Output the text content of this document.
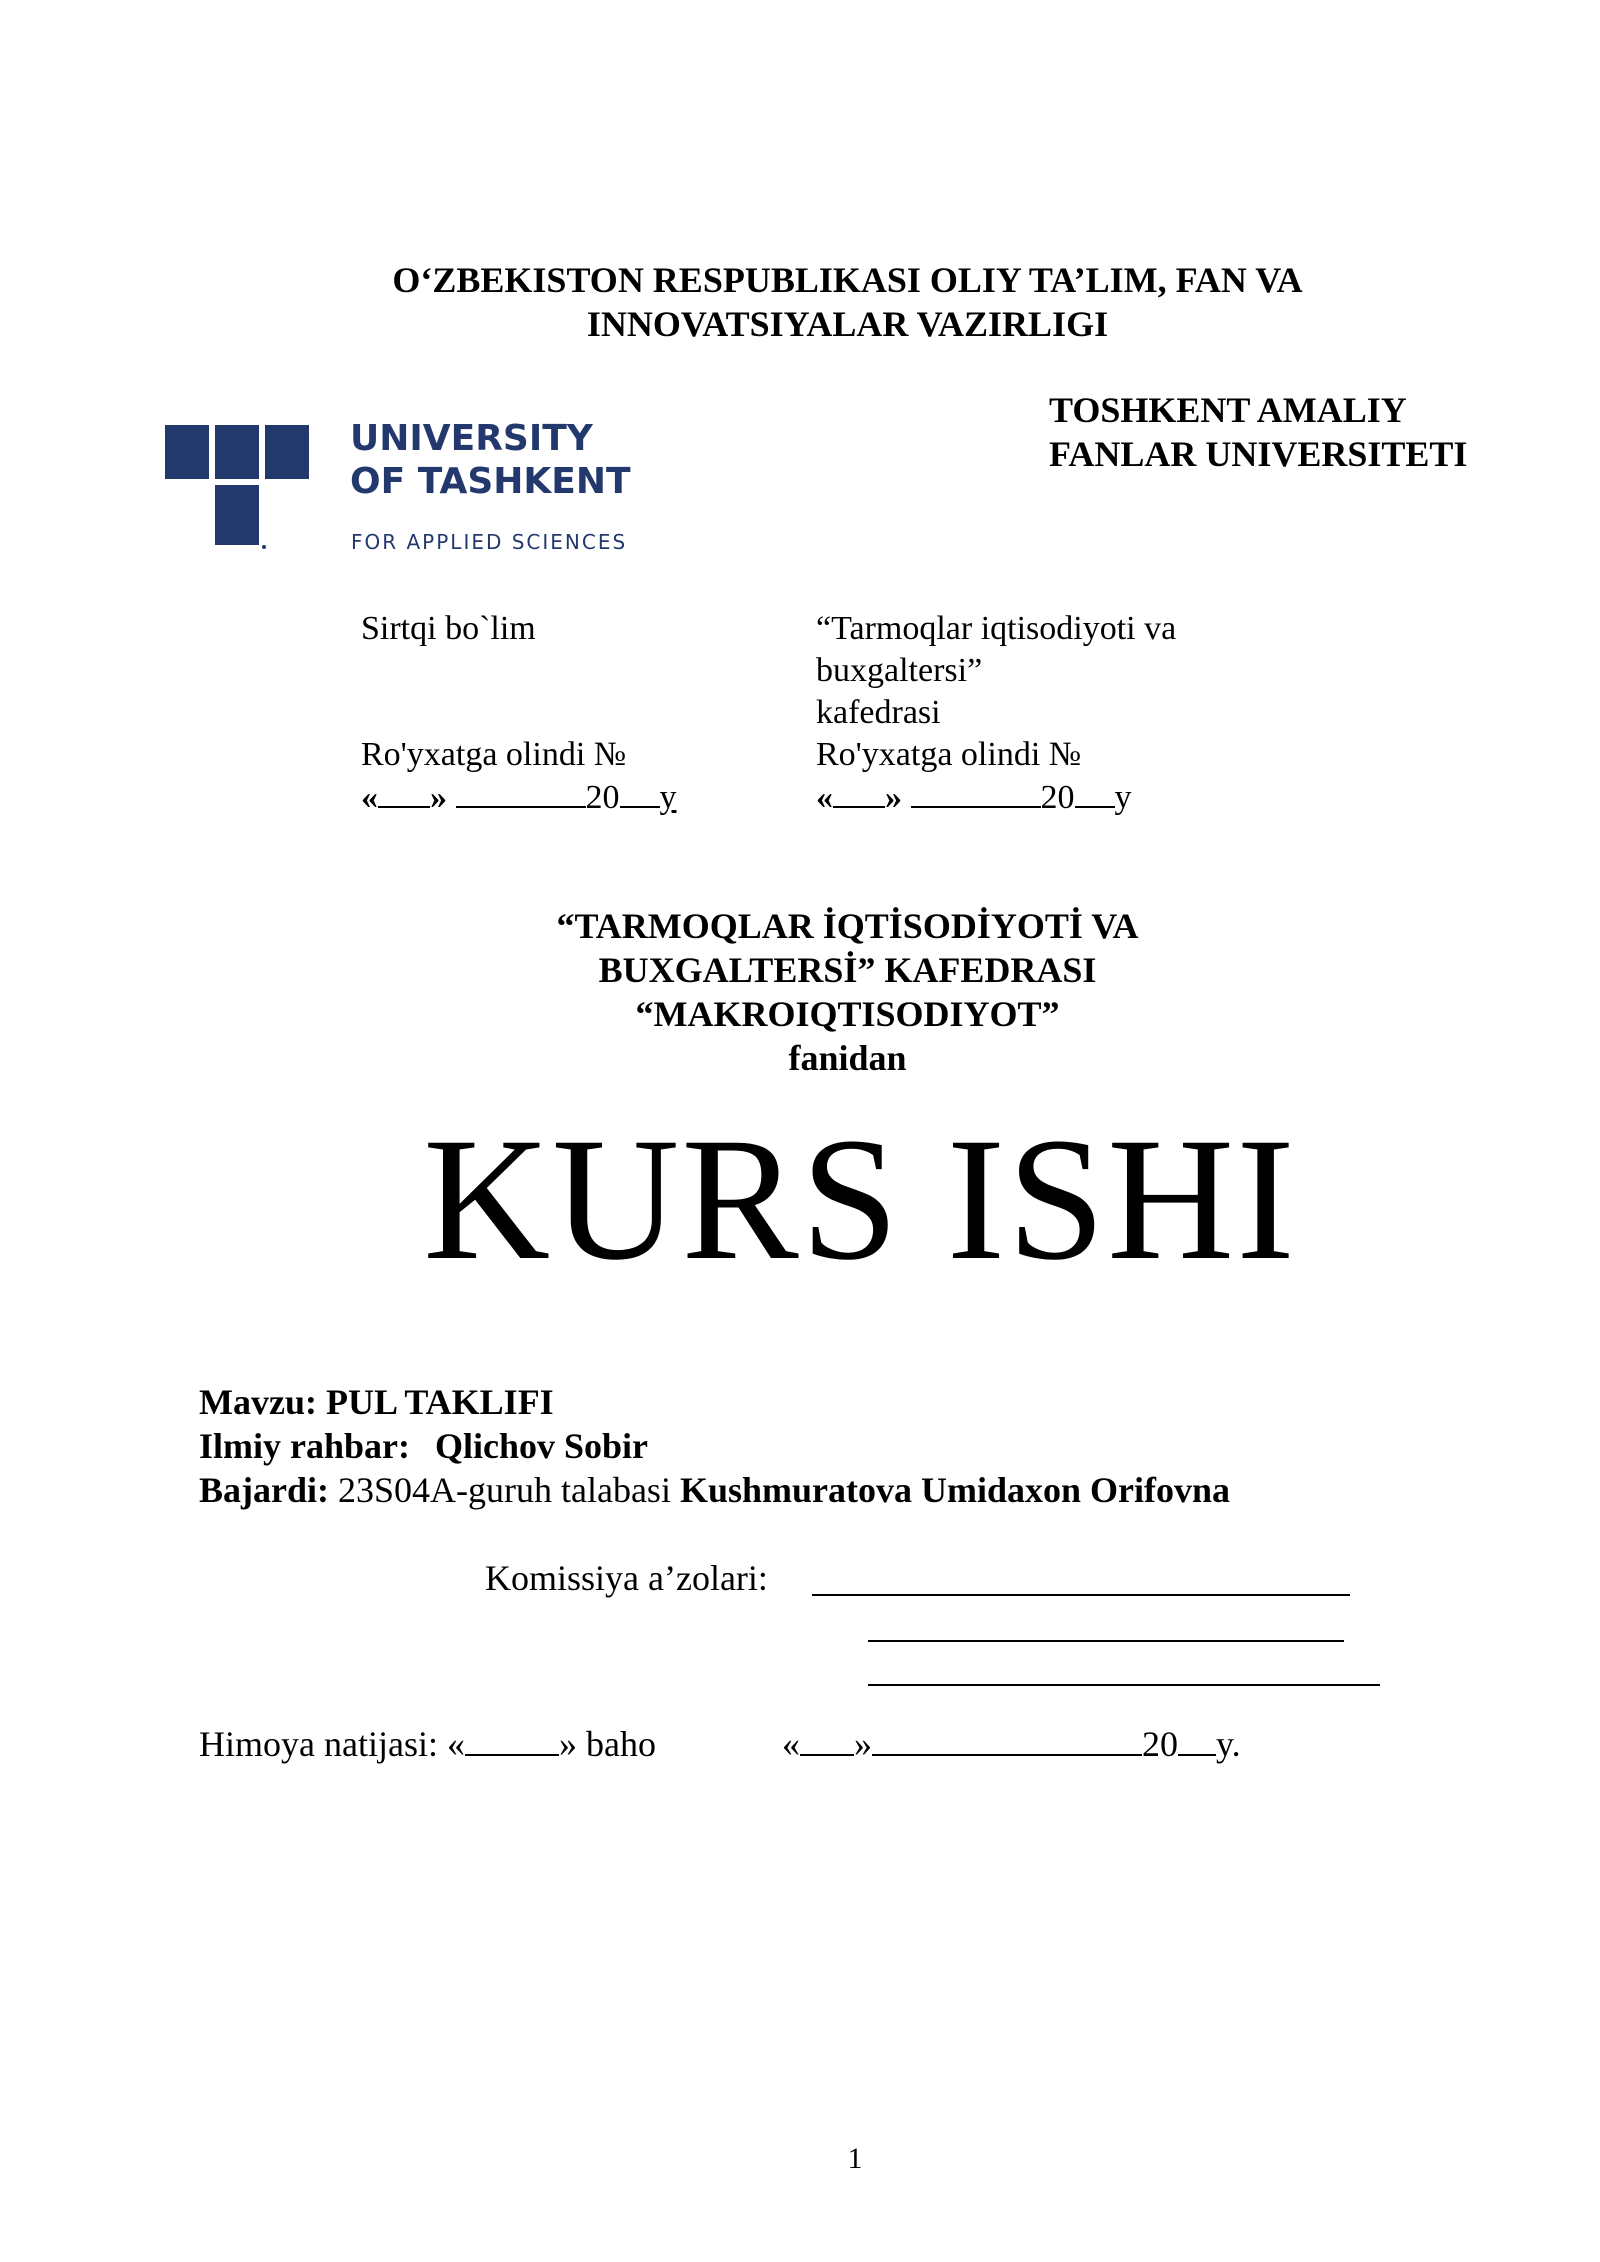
O‘ZBEKISTON RESPUBLIKASI OLIY TA’LIM, FAN VA
INNOVATSIYALAR VAZIRLIGI
TOSHKENT AMALIY
FANLAR UNIVERSITETI
UNIVERSITY
OF TASHKENT
FOR APPLIED SCIENCES
Sirtqi bo`lim
Ro'yxatga olindi №
« »	20 y
“Tarmoqlar iqtisodiyoti va
buxgaltersi”
kafedrasi
Ro'yxatga olindi №
« »	20 y
“TARMOQLAR İQTİSODİYOTİ VA
BUXGALTERSİ” KAFEDRASI
“MAKROIQTISODIYOT”
fanidan
KURS ISHI
Mavzu: PUL TAKLIFI
Ilmiy rahbar: Qlichov Sobir
Bajardi: 23S04A-guruh talabasi Kushmuratova Umidaxon Orifovna
Komissiya a’zolari:
Himoya natijasi: «	» baho	« »	20 y.
1
